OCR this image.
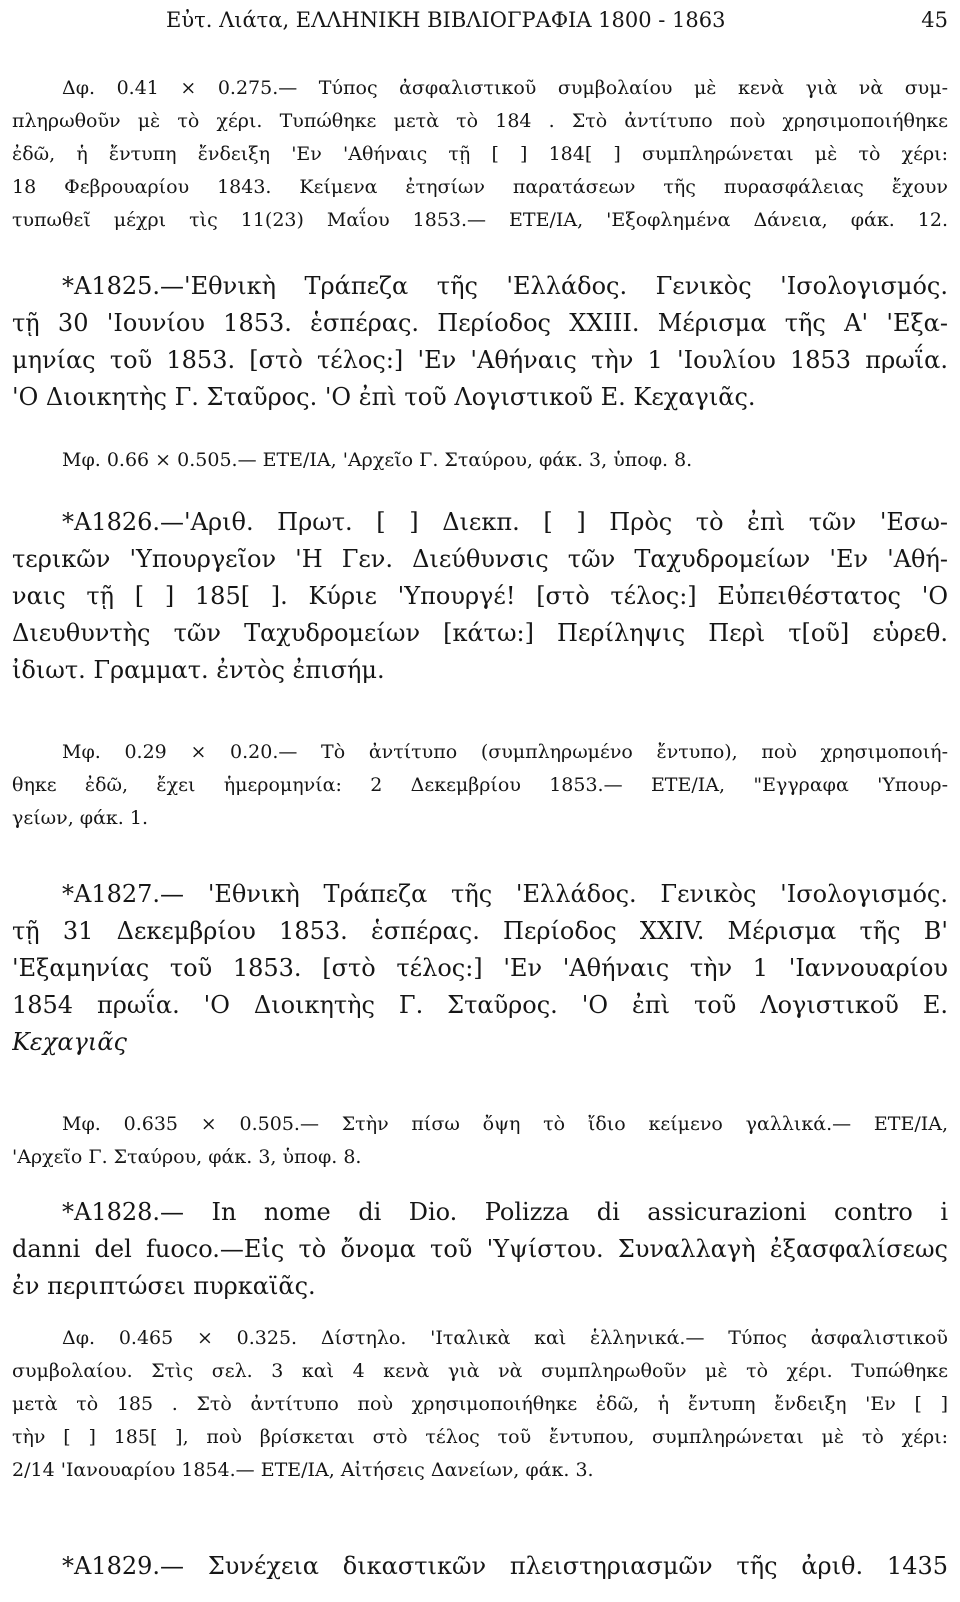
Εὐτ. Λιάτα, ΕΛΛΗΝΙΚΗ ΒΙΒΛΙΟΓΡΑΦΙΑ 1800 - 1863	45
Δφ. 0.41 × 0.275.— Τύπος ἀσφαλιστικοῦ συμβολαίου μὲ κενὰ γιὰ νὰ συμ-
πληρωθοῦν μὲ τὸ χέρι. Τυπώθηκε μετὰ τὸ 184 . Στὸ ἀντίτυπο ποὺ χρησιμοποιήθηκε
ἐδῶ, ἡ ἔντυπη ἔνδειξη 'Εν 'Αθήναις τῇ [ ] 184[ ] συμπληρώνεται μὲ τὸ χέρι:
18 Φεβρουαρίου 1843. Κείμενα ἐτησίων παρατάσεων τῆς πυρασφάλειας ἔχουν
τυπωθεῖ μέχρι τὶς 11(23) Μαΐου 1853.— ΕΤΕ/ΙΑ, 'Εξοφλημένα Δάνεια, φάκ. 12.
*Α1825.—'Εθνικὴ Τράπεζα τῆς 'Ελλάδος. Γενικὸς 'Ισολογισμός.
τῇ 30 'Ιουνίου 1853. ἑσπέρας. Περίοδος XXIII. Μέρισμα τῆς Α' 'Εξα-
μηνίας τοῦ 1853. [στὸ τέλος:] 'Εν 'Αθήναις τὴν 1 'Ιουλίου 1853 πρωΐα.
'Ο Διοικητὴς Γ. Σταῦρος. 'Ο ἐπὶ τοῦ Λογιστικοῦ Ε. Κεχαγιᾶς.
Μφ. 0.66 × 0.505.— ΕΤΕ/ΙΑ, 'Αρχεῖο Γ. Σταύρου, φάκ. 3, ὑποφ. 8.
*Α1826.—'Αριθ. Πρωτ. [ ] Διεκπ. [ ] Πρὸς τὸ ἐπὶ τῶν 'Εσω-
τερικῶν 'Υπουργεῖον 'Η Γεν. Διεύθυνσις τῶν Ταχυδρομείων 'Εν 'Αθή-
ναις τῇ [ ] 185[ ]. Κύριε 'Υπουργέ! [στὸ τέλος:] Εὐπειθέστατος 'Ο
Διευθυντὴς τῶν Ταχυδρομείων [κάτω:] Περίληψις Περὶ τ[οῦ] εὑρεθ.
ἰδιωτ. Γραμματ. ἐντὸς ἐπισήμ.
Μφ. 0.29 × 0.20.— Τὸ ἀντίτυπο (συμπληρωμένο ἔντυπο), ποὺ χρησιμοποιή-
θηκε ἐδῶ, ἔχει ἡμερομηνία: 2 Δεκεμβρίου 1853.— ΕΤΕ/ΙΑ, "Εγγραφα 'Υπουρ-
γείων, φάκ. 1.
*Α1827.— 'Εθνικὴ Τράπεζα τῆς 'Ελλάδος. Γενικὸς 'Ισολογισμός.
τῇ 31 Δεκεμβρίου 1853. ἑσπέρας. Περίοδος XXIV. Μέρισμα τῆς Β'
'Εξαμηνίας τοῦ 1853. [στὸ τέλος:] 'Εν 'Αθήναις τὴν 1 'Ιαννουαρίου
1854 πρωΐα. 'Ο Διοικητὴς Γ. Σταῦρος. 'Ο ἐπὶ τοῦ Λογιστικοῦ Ε.
Κεχαγιᾶς
Μφ. 0.635 × 0.505.— Στὴν πίσω ὄψη τὸ ἴδιο κείμενο γαλλικά.— ΕΤΕ/ΙΑ,
'Αρχεῖο Γ. Σταύρου, φάκ. 3, ὑποφ. 8.
*Α1828.— In nome di Dio. Polizza di assicurazioni contro i
danni del fuoco.—Εἰς τὸ ὄνομα τοῦ 'Υψίστου. Συναλλαγὴ ἐξασφαλίσεως
ἐν περιπτώσει πυρκαϊᾶς.
Δφ. 0.465 × 0.325. Δίστηλο. 'Ιταλικὰ καὶ ἑλληνικά.— Τύπος ἀσφαλιστικοῦ
συμβολαίου. Στὶς σελ. 3 καὶ 4 κενὰ γιὰ νὰ συμπληρωθοῦν μὲ τὸ χέρι. Τυπώθηκε
μετὰ τὸ 185 . Στὸ ἀντίτυπο ποὺ χρησιμοποιήθηκε ἐδῶ, ἡ ἔντυπη ἔνδειξη 'Εν [ ]
τὴν [ ] 185[ ], ποὺ βρίσκεται στὸ τέλος τοῦ ἔντυπου, συμπληρώνεται μὲ τὸ χέρι:
2/14 'Ιανουαρίου 1854.— ΕΤΕ/ΙΑ, Αἰτήσεις Δανείων, φάκ. 3.
*Α1829.— Συνέχεια δικαστικῶν πλειστηριασμῶν τῆς ἀριθ. 1435
